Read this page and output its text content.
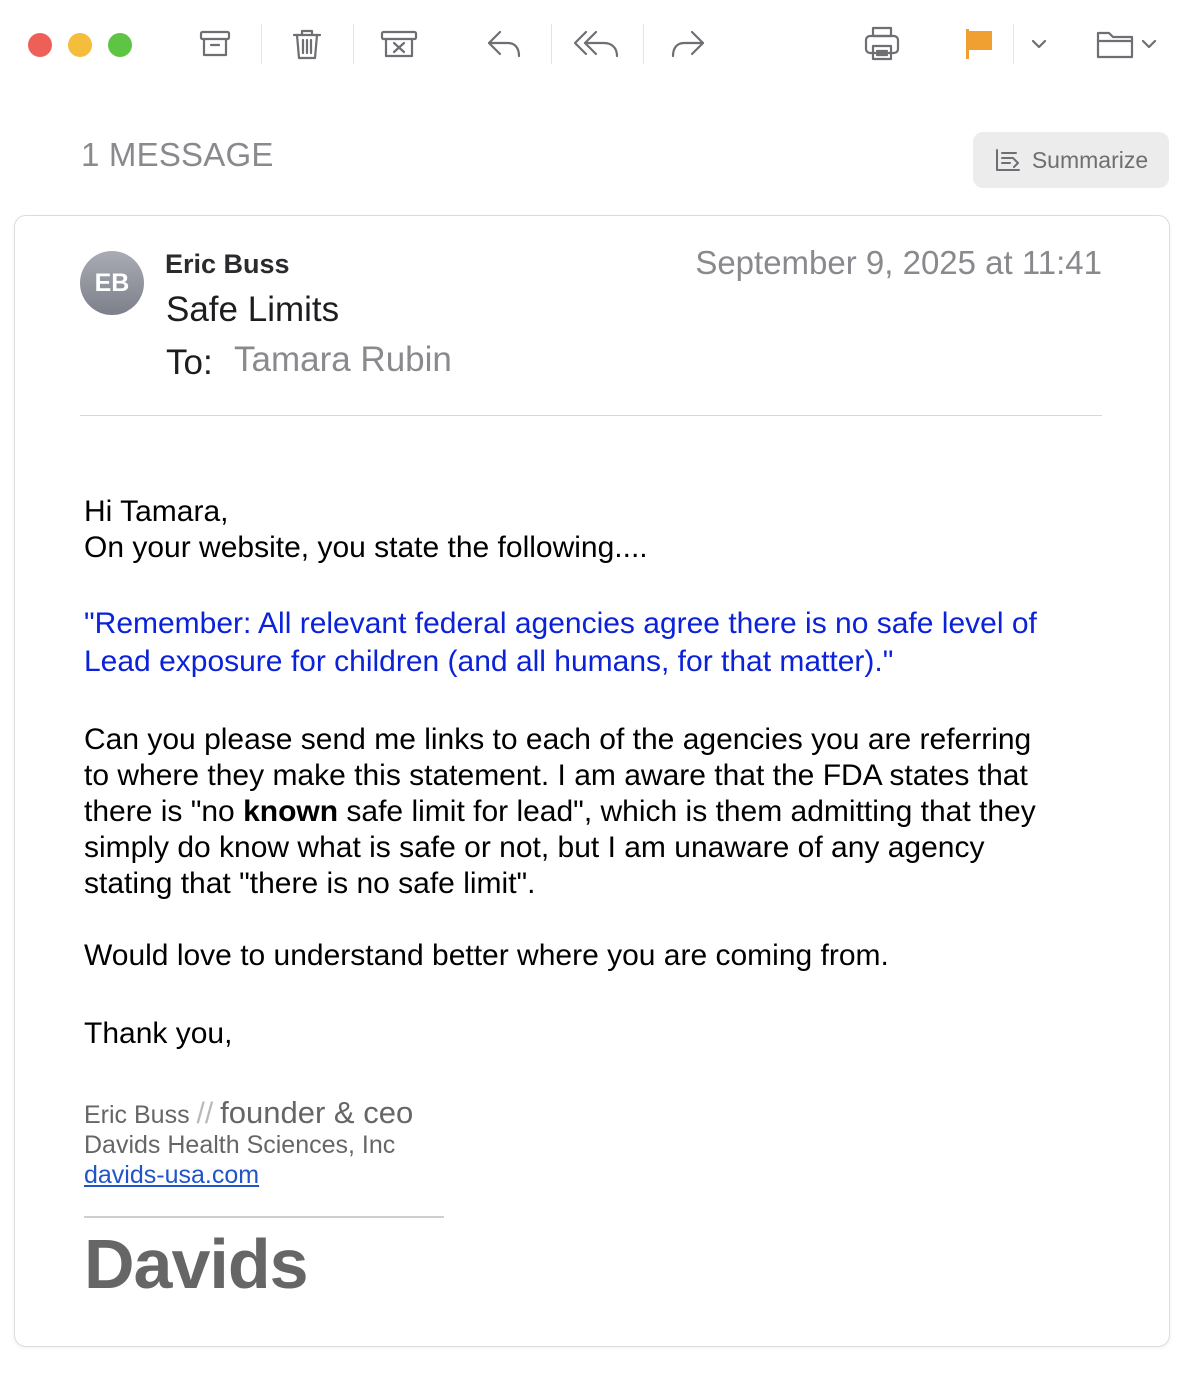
1 MESSAGE	Summarize
EB
Eric Buss	September 9, 2025 at 11:41
Safe Limits
To: Tamara Rubin
Hi Tamara,
On your website, you state the following....
"Remember: All relevant federal agencies agree there is no safe level of
Lead exposure for children (and all humans, for that matter)."
Can you please send me links to each of the agencies you are referring
to where they make this statement. I am aware that the FDA states that
there is "no known safe limit for lead", which is them admitting that they
simply do know what is safe or not, but I am unaware of any agency
stating that "there is no safe limit".
Would love to understand better where you are coming from.
Thank you,
Eric Buss // founder & ceo
Davids Health Sciences, Inc
davids-usa.com
Davids
